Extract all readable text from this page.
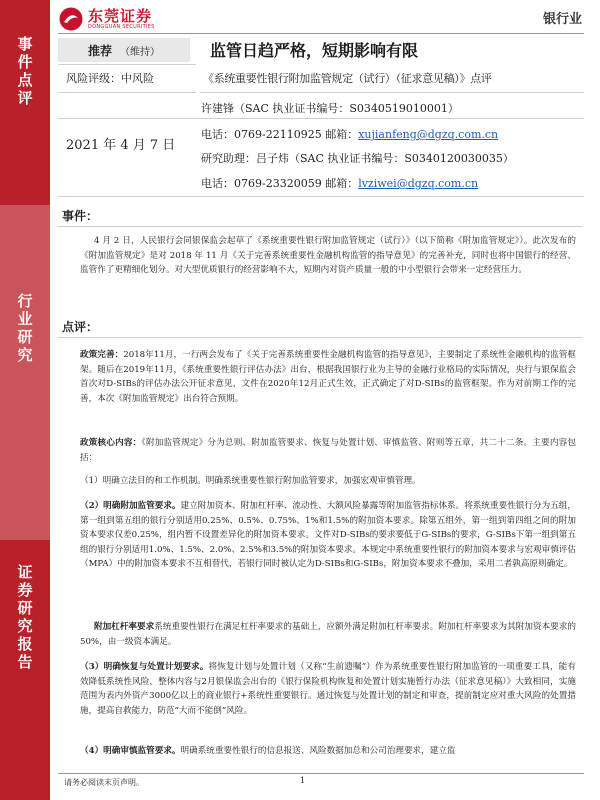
事件点评
行业研究
证券研究报告
东莞证券
DONGGUAN SECURITIES	银行业
推荐 （维持）	监管日趋严格，短期影响有限
风险评级：中风险	《系统重要性银行附加监管规定（试行）（征求意见稿）》点评
许建锋（SAC 执业证书编号：S0340519010001）
电话：0769-22110925 邮箱：xujianfeng@dgzq.com.cn
2021 年 4 月 7 日
研究助理：吕子炜（SAC 执业证书编号：S0340120030035）
电话：0769-23320059 邮箱：lvziwei@dgzq.com.cn
事件：
4 月 2 日，人民银行会同银保监会起草了《系统重要性银行附加监管规定（试行）》（以下简称《附加监管规定》）。此次发布的《附加监管规定》是对 2018 年 11 月《关于完善系统重要性金融机构监管的指导意见》的完善补充，同时也将中国银行的经营、监管作了更精细化划分。对大型优质银行的经营影响不大，短期内对资产质量一般的中小型银行会带来一定经营压力。
点评：
政策完善：2018年11月，一行两会发布了《关于完善系统重要性金融机构监管的指导意见》，主要制定了系统性金融机构的监管框架。随后在2019年11月，《系统重要性银行评估办法》出台，根据我国银行业为主导的金融行业格局的实际情况，央行与银保监会首次对D-SIBs的评估办法公开征求意见，文件在2020年12月正式生效，正式确定了对D-SIBs的监管框架。作为对前期工作的完善，本次《附加监管规定》出台符合预期。
政策核心内容：《附加监管规定》分为总则、附加监管要求、恢复与处置计划、审慎监管、附则等五章，共二十二条。主要内容包括：
（1）明确立法目的和工作机制。明确系统重要性银行附加监管要求，加强宏观审慎管理。
（2）明确附加监管要求。建立附加资本、附加杠杆率、流动性、大额风险暴露等附加监管指标体系。将系统重要性银行分为五组，第一组到第五组的银行分别适用0.25%、0.5%、0.75%、1%和1.5%的附加资本要求。除第五组外，第一组到第四组之间的附加资本要求仅差0.25%，组内暂不设置差异化的附加资本要求。文件对D-SIBs的要求要低于G-SIBs的要求，G-SIBs下第一组到第五组的银行分别适用1.0%、1.5%、2.0%、2.5%和3.5%的附加资本要求。本规定中系统重要性银行的附加资本要求与宏观审慎评估（MPA）中的附加资本要求不互相替代，若银行同时被认定为D-SIBs和G-SIBs，附加资本要求不叠加，采用二者孰高原则确定。
附加杠杆率要求系统重要性银行在满足杠杆率要求的基础上，应额外满足附加杠杆率要求。附加杠杆率要求为其附加资本要求的50%，由一级资本满足。
（3）明确恢复与处置计划要求。将恢复计划与处置计划（又称“生前遗嘱”）作为系统重要性银行附加监管的一项重要工具，能有效降低系统性风险，整体内容与2月银保监会出台的《银行保险机构恢复和处置计划实施暂行办法（征求意见稿）》大致相同，实施范围为表内外资产3000亿以上的商业银行+系统性重要银行。通过恢复与处置计划的制定和审查，提前制定应对重大风险的处置措施，提高自救能力，防范“大而不能倒”风险。
（4）明确审慎监管要求。明确系统重要性银行的信息报送、风险数据加总和公司治理要求，建立监
请务必阅读末页声明。	1
